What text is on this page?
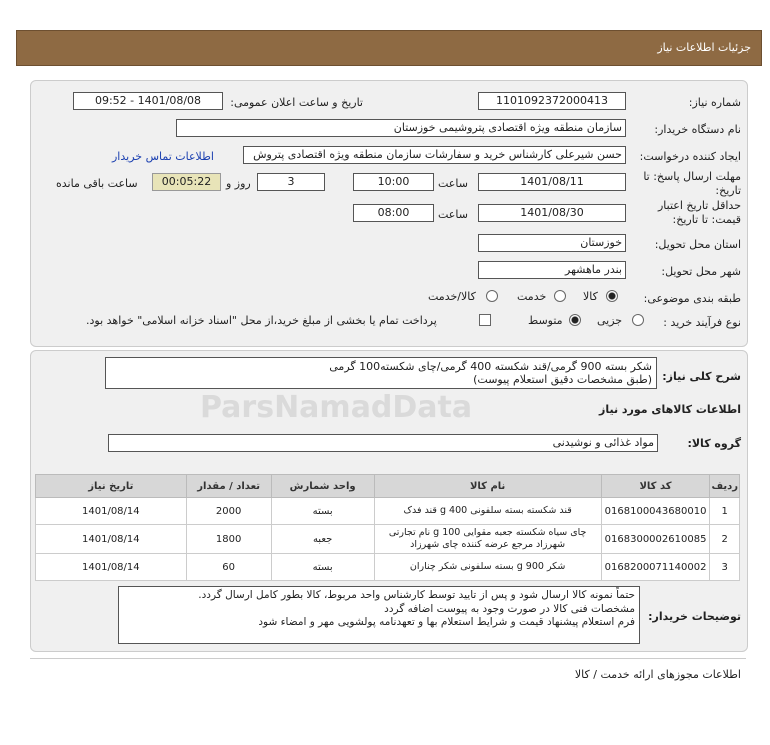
جزئیات اطلاعات نیاز
شماره نیاز:
1101092372000413
تاریخ و ساعت اعلان عمومی:
1401/08/08 - 09:52
نام دستگاه خریدار:
سازمان منطقه ویژه اقتصادی پتروشیمی خوزستان
ایجاد کننده درخواست:
حسن شیرعلی کارشناس خرید و سفارشات سازمان منطقه ویژه اقتصادی پتروش
اطلاعات تماس خریدار
مهلت ارسال پاسخ: تا
تاریخ:
1401/08/11
ساعت
10:00
3
روز و
00:05:22
ساعت باقی مانده
حداقل تاریخ اعتبار
قیمت: تا تاریخ:
1401/08/30
ساعت
08:00
استان محل تحویل:
خوزستان
شهر محل تحویل:
بندر ماهشهر
طبقه بندی موضوعی:
کالا
خدمت
کالا/خدمت
نوع فرآیند خرید :
جزیی
متوسط
پرداخت تمام یا بخشی از مبلغ خرید،از محل "اسناد خزانه اسلامی" خواهد بود.
ParsNamadData
شرح کلی نیاز:
شکر بسته 900 گرمی/قند شکسته 400 گرمی/چای شکسته100 گرمی
(طبق مشخصات دقیق استعلام پیوست)
اطلاعات کالاهای مورد نیاز
گروه کالا:
مواد غذائی و نوشیدنی
ردیف	کد کالا	نام کالا	واحد شمارش	تعداد / مقدار	تاریخ نیاز
1	0168100043680010	قند شکسته بسته سلفونی 400 g قند فدک	بسته	2000	1401/08/14
2	0168300002610085	چای سیاه شکسته جعبه مقوایی 100 g نام تجارتی شهرزاد مرجع عرضه کننده چای شهرزاد	جعبه	1800	1401/08/14
3	0168200071140002	شکر 900 g بسته سلفونی شکر چناران	بسته	60	1401/08/14
توضیحات خریدار:
حتماً نمونه کالا ارسال شود و پس از تایید توسط کارشناس واحد مربوط، کالا بطور کامل ارسال گردد.
مشخصات فنی کالا در صورت وجود به پیوست اضافه گردد
فرم استعلام پیشنهاد قیمت و شرایط استعلام بها و تعهدنامه پولشویی مهر و امضاء شود
اطلاعات مجوزهای ارائه خدمت / کالا
